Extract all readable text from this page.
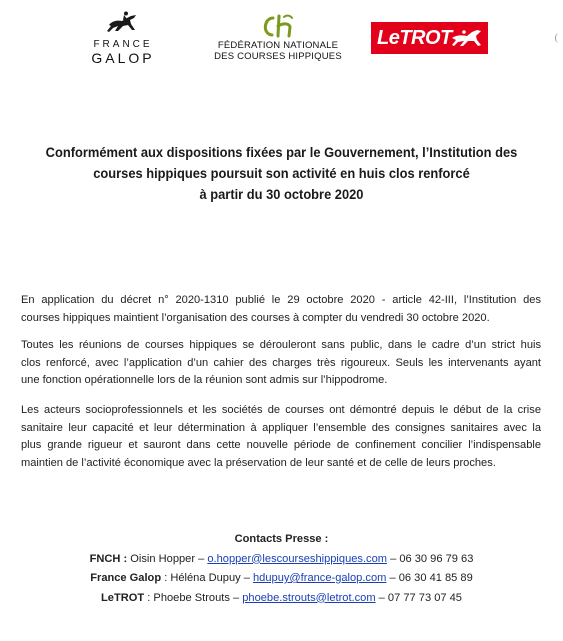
FRANCE
GALOP
FÉDÉRATION NATIONALE
DES COURSES HIPPIQUES
LeTROT
Conformément aux dispositions fixées par le Gouvernement, l’Institution des
courses hippiques poursuit son activité en huis clos renforcé
à partir du 30 octobre 2020
En application du décret n° 2020-1310 publié le 29 octobre 2020 - article 42-III, l’Institution des
courses hippiques maintient l’organisation des courses à compter du vendredi 30 octobre 2020.
Toutes les réunions de courses hippiques se dérouleront sans public, dans le cadre d’un strict huis
clos renforcé, avec l’application d’un cahier des charges très rigoureux. Seuls les intervenants ayant
une fonction opérationnelle lors de la réunion sont admis sur l’hippodrome.
Les acteurs socioprofessionnels et les sociétés de courses ont démontré depuis le début de la crise
sanitaire leur capacité et leur détermination à appliquer l’ensemble des consignes sanitaires avec la
plus grande rigueur et sauront dans cette nouvelle période de confinement concilier l’indispensable
maintien de l’activité économique avec la préservation de leur santé et de celle de leurs proches.
Contacts Presse :
FNCH : Oisin Hopper – o.hopper@lescourseshippiques.com – 06 30 96 79 63
France Galop : Héléna Dupuy – hdupuy@france-galop.com – 06 30 41 85 89
LeTROT : Phoebe Strouts – phoebe.strouts@letrot.com – 07 77 73 07 45
